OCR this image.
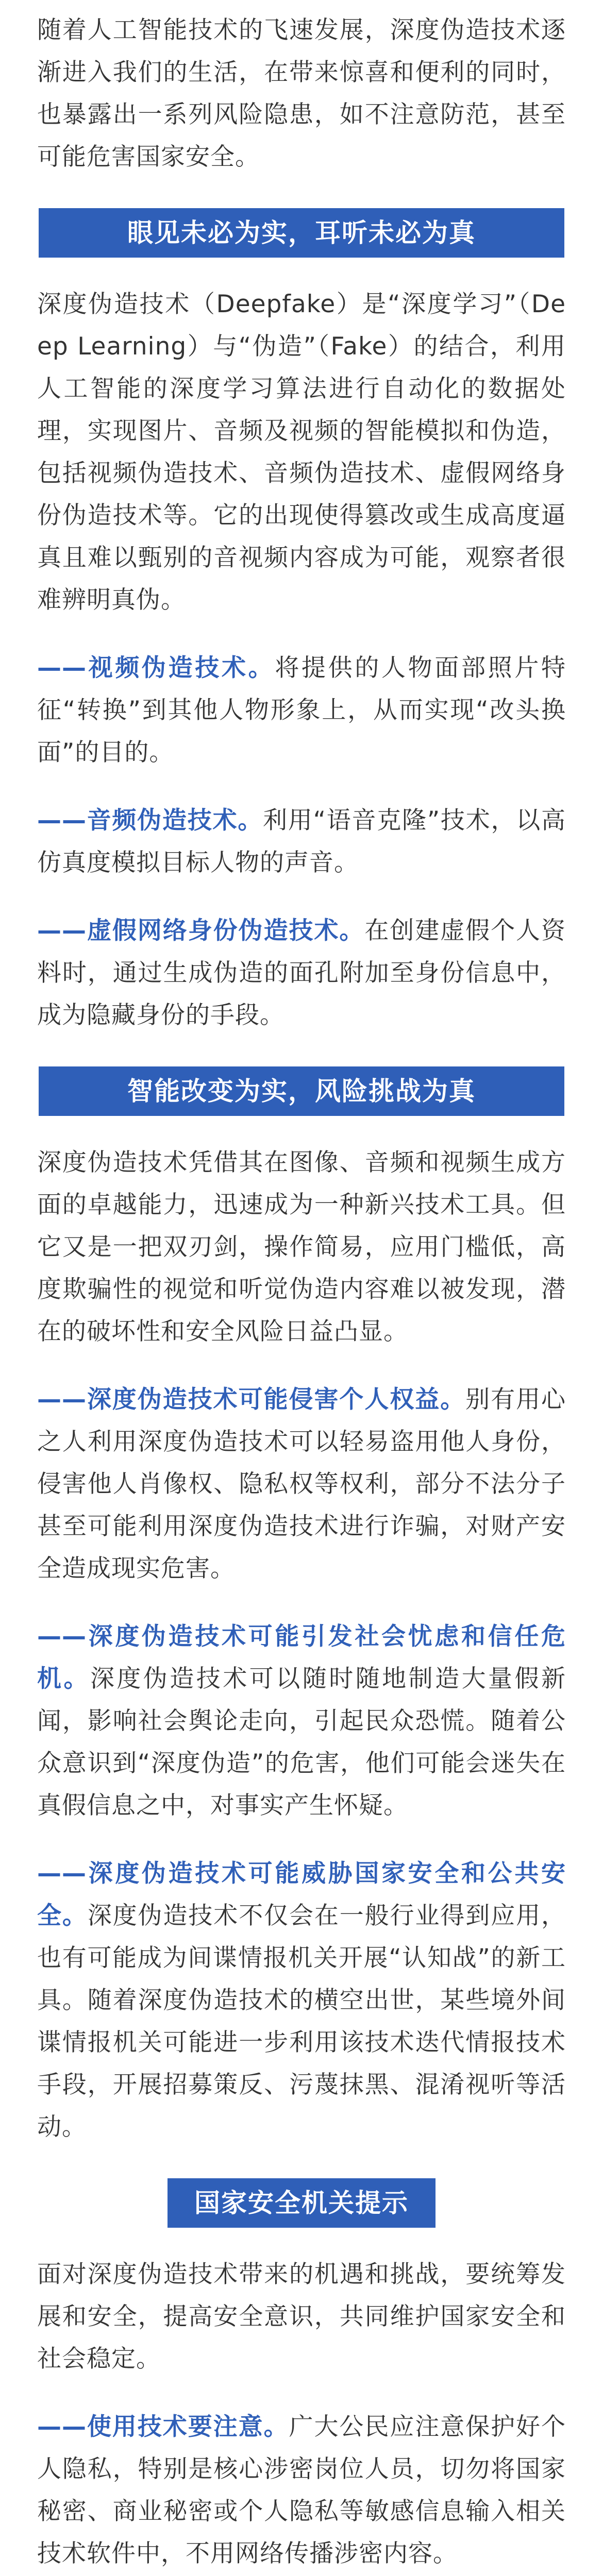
随着人工智能技术的飞速发展，深度伪造技术逐渐进入我们的生活，在带来惊喜和便利的同时，也暴露出一系列风险隐患，如不注意防范，甚至可能危害国家安全。

眼见未必为实，耳听未必为真

深度伪造技术（Deepfake）是“深度学习”（Deep Learning）与“伪造”（Fake）的结合，利用人工智能的深度学习算法进行自动化的数据处理，实现图片、音频及视频的智能模拟和伪造，包括视频伪造技术、音频伪造技术、虚假网络身份伪造技术等。它的出现使得篡改或生成高度逼真且难以甄别的音视频内容成为可能，观察者很难辨明真伪。

——视频伪造技术。将提供的人物面部照片特征“转换”到其他人物形象上，从而实现“改头换面”的目的。

——音频伪造技术。利用“语音克隆”技术，以高仿真度模拟目标人物的声音。

——虚假网络身份伪造技术。在创建虚假个人资料时，通过生成伪造的面孔附加至身份信息中，成为隐藏身份的手段。

智能改变为实，风险挑战为真

深度伪造技术凭借其在图像、音频和视频生成方面的卓越能力，迅速成为一种新兴技术工具。但它又是一把双刃剑，操作简易，应用门槛低，高度欺骗性的视觉和听觉伪造内容难以被发现，潜在的破坏性和安全风险日益凸显。

——深度伪造技术可能侵害个人权益。别有用心之人利用深度伪造技术可以轻易盗用他人身份，侵害他人肖像权、隐私权等权利，部分不法分子甚至可能利用深度伪造技术进行诈骗，对财产安全造成现实危害。

——深度伪造技术可能引发社会忧虑和信任危机。深度伪造技术可以随时随地制造大量假新闻，影响社会舆论走向，引起民众恐慌。随着公众意识到“深度伪造”的危害，他们可能会迷失在真假信息之中，对事实产生怀疑。

——深度伪造技术可能威胁国家安全和公共安全。深度伪造技术不仅会在一般行业得到应用，也有可能成为间谍情报机关开展“认知战”的新工具。随着深度伪造技术的横空出世，某些境外间谍情报机关可能进一步利用该技术迭代情报技术手段，开展招募策反、污蔑抹黑、混淆视听等活动。

国家安全机关提示

面对深度伪造技术带来的机遇和挑战，要统筹发展和安全，提高安全意识，共同维护国家安全和社会稳定。

——使用技术要注意。广大公民应注意保护好个人隐私，特别是核心涉密岗位人员，切勿将国家秘密、商业秘密或个人隐私等敏感信息输入相关技术软件中，不用网络传播涉密内容。
